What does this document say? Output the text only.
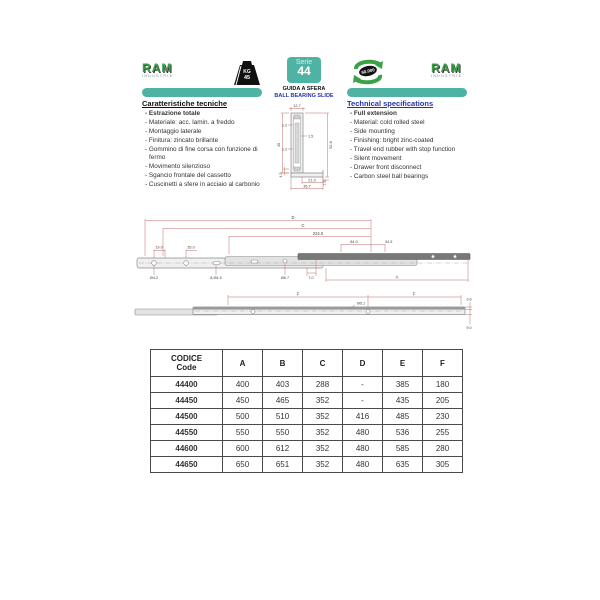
RAM
INDUSTRIE
KG
45
Caratteristiche tecniche
Serie
44
GUIDA A SFERA
BALL BEARING SLIDE
60.000
Technical specifications
RAM
INDUSTRIE
- Estrazione totale
- Materiale: acc. lamin. a freddo
- Montaggio laterale
- Finitura: zincato brillante
- Gommino di fine corsa con funzione di fermo
- Movimento silenzioso
- Sgancio frontale del cassetto
- Cuscinetti a sfere in acciaio al carbonio
- Full extension
- Material: cold rolled steel
- Side mounting
- Finishing: bright zinc-coated
- Travel end rubber with stop function
- Silent movement
- Drawer front disconnect
- Carbon steel ball bearings
12.7
45	52.8
1.2
1.5
1.2
4.5
7.5
21.0
35.7
D
C
224.0
84.0	34.5
19.0	35.0
Ø4.2	8,Ø4.5	Ø6.7	7.0	A
F	F
Ø5.1
3.6
9.0
CODICE
Code	A	B	C	D	E	F
44400	400	403	288	-	385	180
44450	450	465	352	-	435	205
44500	500	510	352	416	485	230
44550	550	550	352	480	536	255
44600	600	612	352	480	585	280
44650	650	651	352	480	635	305
